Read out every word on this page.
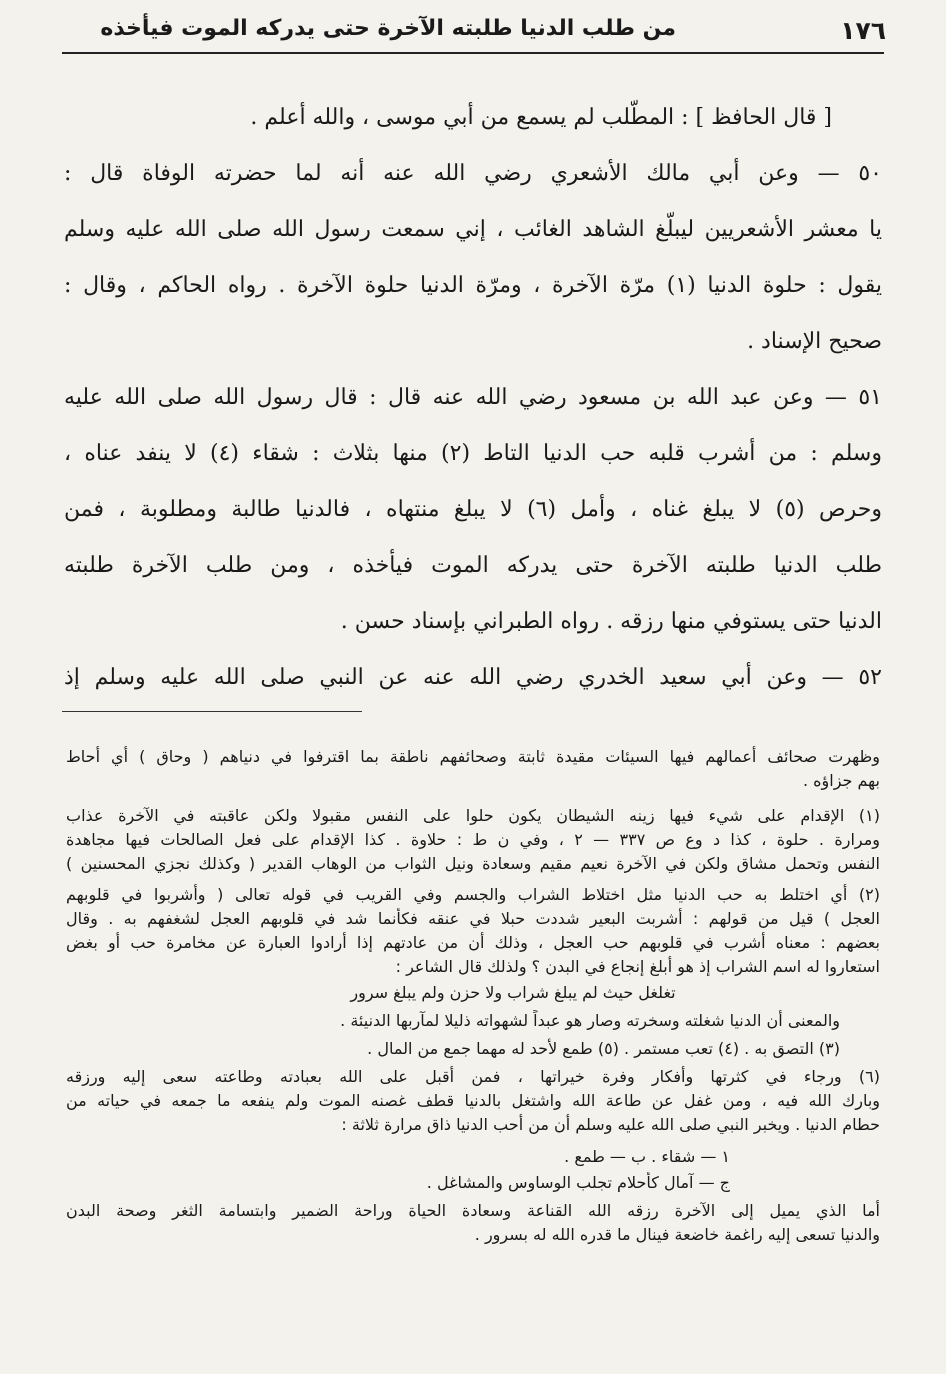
١٧٦
من طلب الدنيا طلبته الآخرة حتى يدركه الموت فيأخذه
[ قال الحافظ ] : المطّلب لم يسمع من أبي موسى ، والله أعلم .
٥٠ — وعن أبي مالك الأشعري رضي الله عنه أنه لما حضرته الوفاة قال :
يا معشر الأشعريين ليبلّغ الشاهد الغائب ، إني سمعت رسول الله صلى الله عليه وسلم
يقول : حلوة الدنيا (١) مرّة الآخرة ، ومرّة الدنيا حلوة الآخرة . رواه الحاكم ، وقال :
صحيح الإسناد .
٥١ — وعن عبد الله بن مسعود رضي الله عنه قال : قال رسول الله صلى الله عليه
وسلم : من أشرب قلبه حب الدنيا التاط (٢) منها بثلاث : شقاء (٤) لا ينفد عناه ،
وحرص (٥) لا يبلغ غناه ، وأمل (٦) لا يبلغ منتهاه ، فالدنيا طالبة ومطلوبة ، فمن
طلب الدنيا طلبته الآخرة حتى يدركه الموت فيأخذه ، ومن طلب الآخرة طلبته
الدنيا حتى يستوفي منها رزقه . رواه الطبراني بإسناد حسن .
٥٢ — وعن أبي سعيد الخدري رضي الله عنه عن النبي صلى الله عليه وسلم إذ
وظهرت صحائف أعمالهم فيها السيئات مقيدة ثابتة وصحائفهم ناطقة بما اقترفوا في دنياهم ( وحاق ) أي أحاط
بهم جزاؤه .
(١) الإقدام على شيء فيها زينه الشيطان يكون حلوا على النفس مقبولا ولكن عاقبته في الآخرة عذاب
ومرارة . حلوة ، كذا د وع ص ٣٣٧ — ٢ ، وفي ن ط : حلاوة . كذا الإقدام على فعل الصالحات فيها مجاهدة
النفس وتحمل مشاق ولكن في الآخرة نعيم مقيم وسعادة ونيل الثواب من الوهاب القدير ( وكذلك نجزي المحسنين )
(٢) أي اختلط به حب الدنيا مثل اختلاط الشراب والجسم وفي القريب في قوله تعالى ( وأشربوا في قلوبهم
العجل ) قيل من قولهم : أشربت البعير شددت حبلا في عنقه فكأنما شد في قلوبهم العجل لشغفهم به . وقال
بعضهم : معناه أشرب في قلوبهم حب العجل ، وذلك أن من عادتهم إذا أرادوا العبارة عن مخامرة حب أو بغض
استعاروا له اسم الشراب إذ هو أبلغ إنجاع في البدن ؟ ولذلك قال الشاعر :
تغلغل حيث لم يبلغ شراب ولا حزن ولم يبلغ سرور
والمعنى أن الدنيا شغلته وسخرته وصار هو عبداً لشهواته ذليلا لمآربها الدنيئة .
(٣) التصق به . (٤) تعب مستمر . (٥) طمع لأحد له مهما جمع من المال .
(٦) ورجاء في كثرتها وأفكار وفرة خيراتها ، فمن أقبل على الله بعبادته وطاعته سعى إليه ورزقه
وبارك الله فيه ، ومن غفل عن طاعة الله واشتغل بالدنيا قطف غصنه الموت ولم ينفعه ما جمعه في حياته من
حطام الدنيا . ويخبر النبي صلى الله عليه وسلم أن من أحب الدنيا ذاق مرارة ثلاثة :
١ — شقاء . ب — طمع .
ج — آمال كأحلام تجلب الوساوس والمشاغل .
أما الذي يميل إلى الآخرة رزقه الله القناعة وسعادة الحياة وراحة الضمير وابتسامة الثغر وصحة البدن
والدنيا تسعى إليه راغمة خاضعة فينال ما قدره الله له بسرور .
